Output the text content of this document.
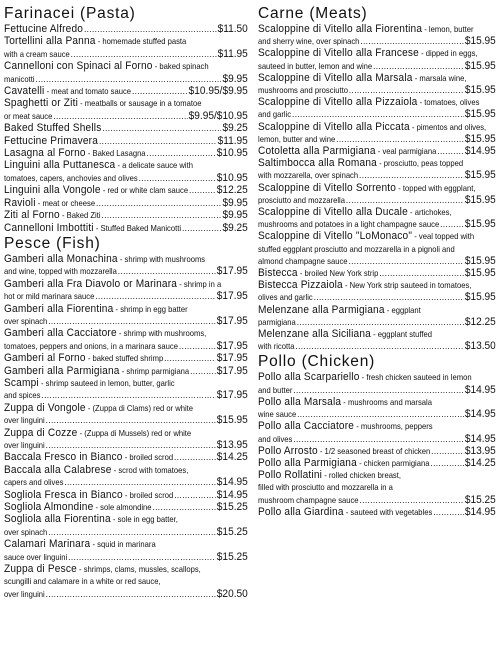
Farinacei (Pasta)
Fettucine Alfredo .....	$11.50
Tortellini alla Panna - homemade stuffed pasta
with a cream sauce .....	$11.95
Cannelloni con Spinaci al Forno - baked spinach
manicotti .....	$9.95
Cavatelli - meat and tomato sauce .....	$10.95/$9.95
Spaghetti or Ziti - meatballs or sausage in a tomatoe
or meat sauce .....	$9.95/$10.95
Baked Stuffed Shells .....	$9.25
Fettucine Primavera .....	$11.95
Lasagna al Forno - Baked Lasagna .....	$10.95
Linguini alla Puttanesca - a delicate sauce with
tomatoes, capers, anchovies and olives .....	$10.95
Linguini alla Vongole - red or white clam sauce .....	$12.25
Ravioli - meat or cheese .....	$9.95
Ziti al Forno - Baked Ziti .....	$9.95
Cannelloni Imbottiti - Stuffed Baked Manicotti .....	$9.25
Pesce (Fish)
Gamberi alla Monachina - shrimp with mushrooms
and wine, topped with mozzarella .....	$17.95
Gamberi alla Fra Diavolo or Marinara - shrimp in a
hot or mild marinara sauce .....	$17.95
Gamberi alla Fiorentina - shrimp in egg batter
over spinach .....	$17.95
Gamberi alla Cacciatore - shrimp with mushrooms,
tomatoes, peppers and onions, in a marinara sauce .....	$17.95
Gamberi al Forno - baked stuffed shrimp .....	$17.95
Gamberi alla Parmigiana - shrimp parmigiana .....	$17.95
Scampi - shrimp sauteed in lemon, butter, garlic
and spices .....	$17.95
Zuppa di Vongole - (Zuppa di Clams) red or white
over linguini .....	$15.95
Zuppa di Cozze - (Zuppa di Mussels) red or white
over linguini .....	$13.95
Baccala Fresco in Bianco - broiled scrod .....	$14.25
Baccala alla Calabrese - scrod with tomatoes,
capers and olives .....	$14.95
Sogliola Fresca in Bianco - broiled scrod .....	$14.95
Sogliola Almondine - sole almondine .....	$15.25
Sogliola alla Fiorentina - sole in egg batter,
over spinach .....	$15.25
Calamari Marinara - squid in marinara
sauce over linguini .....	$15.25
Zuppa di Pesce - shrimps, clams, mussles, scallops,
scungilli and calamare in a white or red sauce,
over linguini .....	$20.50
Carne (Meats)
Scaloppine di Vitello alla Fiorentina - lemon, butter
and sherry wine, over spinach .....	$15.95
Scaloppine di Vitello alla Francese - dipped in eggs,
sauteed in butter, lemon and wine .....	$15.95
Scaloppine di Vitello alla Marsala - marsala wine,
mushrooms and prosciutto .....	$15.95
Scaloppine di Vitello alla Pizzaiola - tomatoes, olives
and garlic .....	$15.95
Scaloppine di Vitello alla Piccata - pimentos and olives,
lemon, butter and wine .....	$15.95
Cotoletta alla Parmigiana - veal parmigiana .....	$14.95
Saltimbocca alla Romana - prosciutto, peas topped
with mozzarella, over spinach .....	$15.95
Scaloppine di Vitello Sorrento - topped with eggplant,
prosciutto and mozzarella .....	$15.95
Scaloppine di Vitello alla Ducale - artichokes,
mushrooms and potatoes in a light champagne sauce ..... $15.95
Scaloppine di Vitello "LoMonaco" - veal topped with
stuffed eggplant prosciutto and mozzarella in a pignoli and
almond champagne sauce .....	$15.95
Bistecca - broiled New York strip .....	$15.95
Bistecca Pizzaiola - New York strip sauteed in tomatoes,
olives and garlic .....	$15.95
Melenzane alla Parmigiana - eggplant
parmigiana .....	$12.25
Melenzane alla Siciliana - eggplant stuffed
with ricotta .....	$13.50
Pollo (Chicken)
Pollo alla Scarpariello - fresh chicken sauteed in lemon
and butter .....	$14.95
Pollo alla Marsala - mushrooms and marsala
wine sauce .....	$14.95
Pollo alla Cacciatore - mushrooms, peppers
and olives .....	$14.95
Pollo Arrosto - 1/2 seasoned breast of chicken .....	$13.95
Pollo alla Parmigiana - chicken parmigiana .....	$14.25
Pollo Rollatini - rolled chicken breast,
filled with prosciutto and mozzarella in a
mushroom champagne sauce .....	$15.25
Pollo alla Giardina - sauteed with vegetables .....	$14.95
